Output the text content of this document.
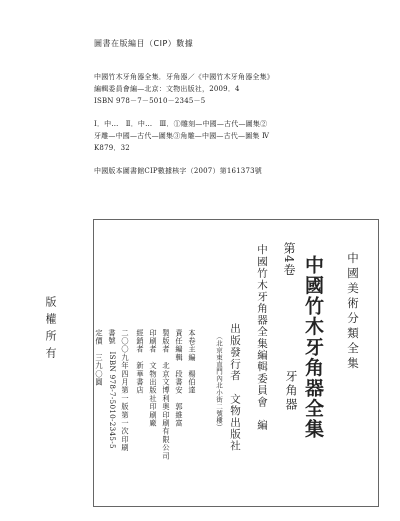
圖書在版編目（CIP）數據
中國竹木牙角器全集．牙角器／《中國竹木牙角器全集》
編輯委員會編—北京：文物出版社，2009．4
ISBN 978－7－5010－2345－5
Ⅰ．中…　Ⅱ．中…　Ⅲ．①雕刻—中國—古代—圖集②
牙雕—中國—古代—圖集③角雕—中國—古代—圖集 Ⅳ
K879．32
中國版本圖書館CIP數據核字（2007）第161373號
中國美術分類全集
中國竹木牙角器全集
第4卷
牙角器
中國竹木牙角器全集編輯委員會　編
出版發行者　文物出版社
（北京東直門內北小街二號樓）
本卷主編　楊伯達
責任編輯　段書安　郭維富
製版者　北京文博利奧印刷有限公司
印刷者　文物出版社印刷廠
經銷者　新華書店
二〇〇九年四月第一版第一次印刷
書號　ISBN 978-7-5010-2345-5
定價　三九〇圓
版權所有
